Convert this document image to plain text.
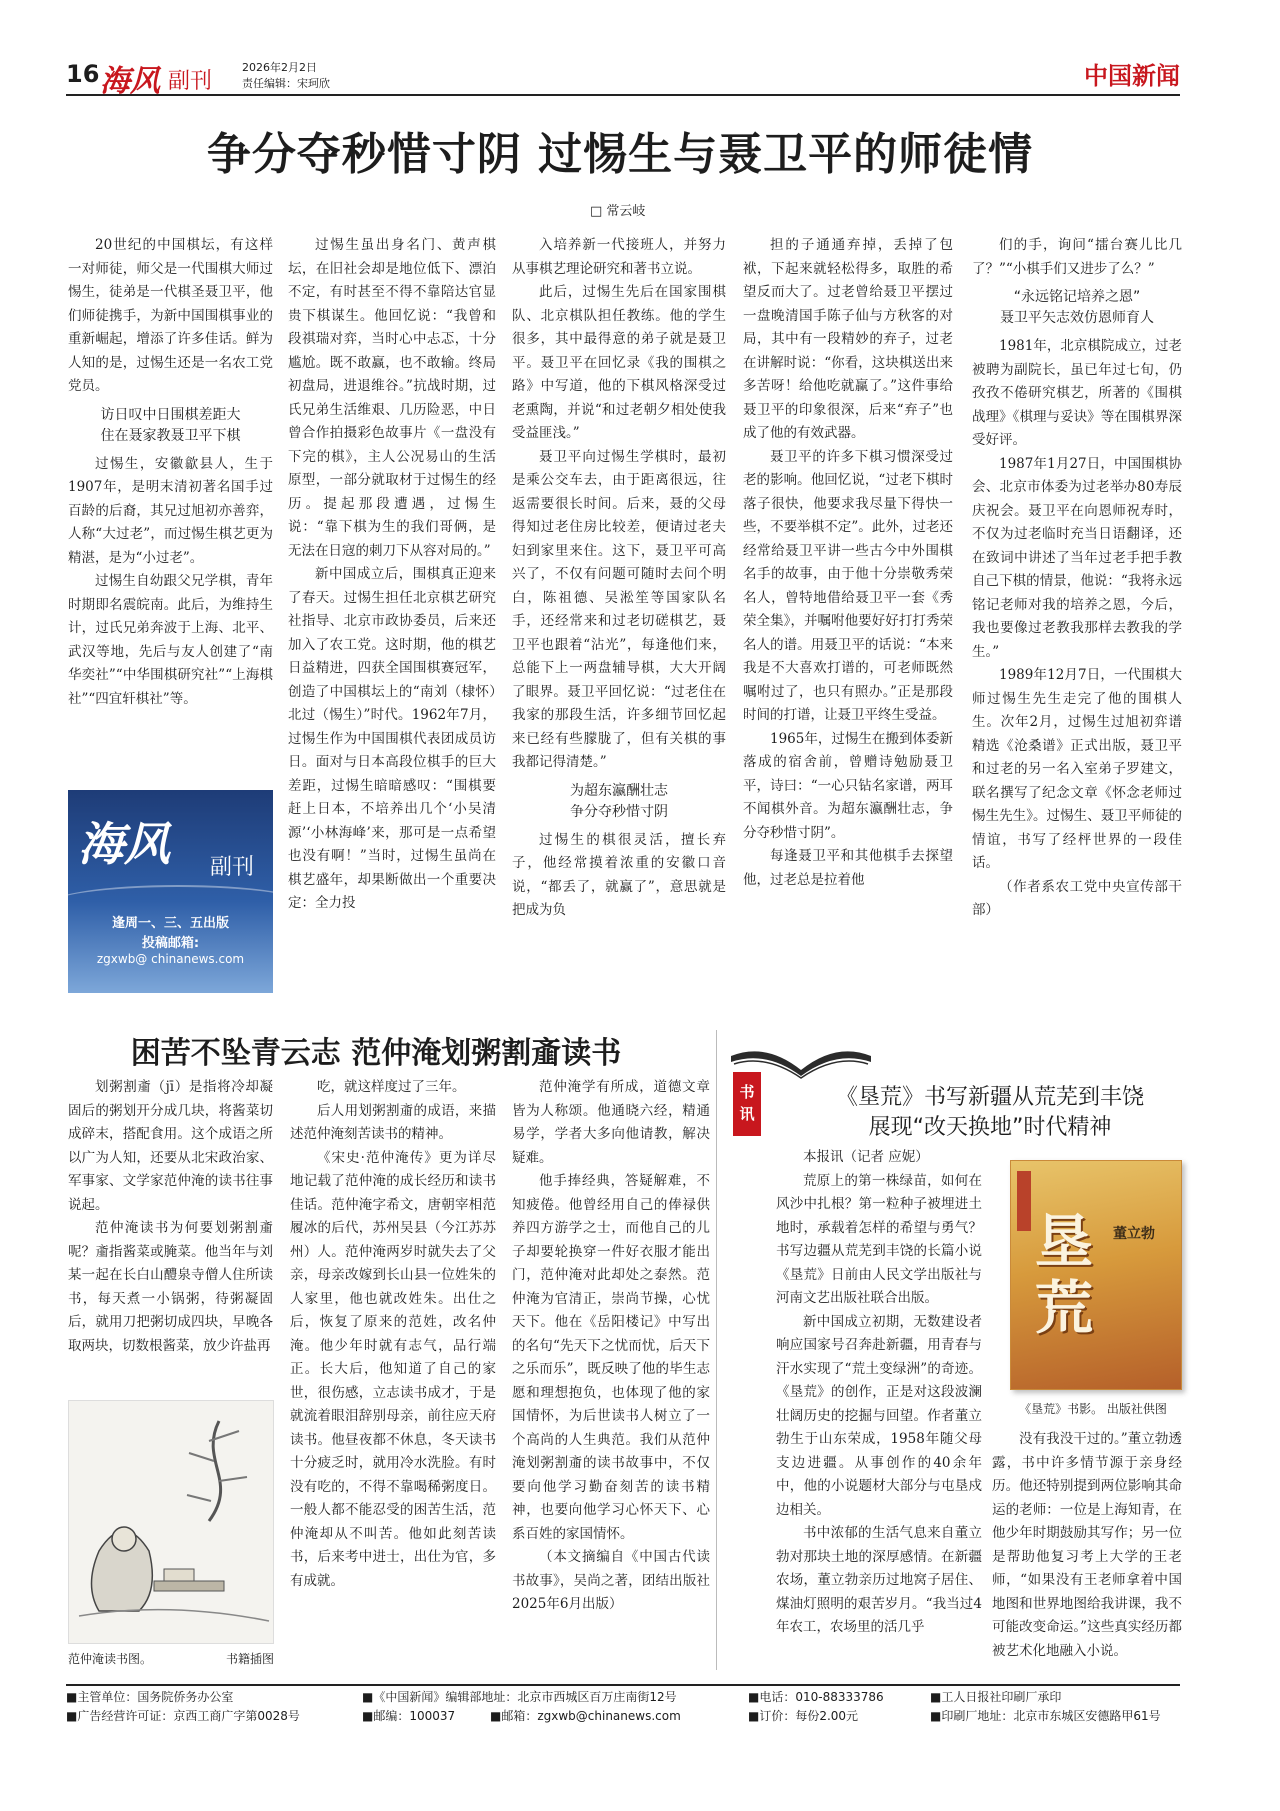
16 海风 副刊
2026年2月2日
责任编辑：宋珂欣	中国新闻
争分夺秒惜寸阴 过惕生与聂卫平的师徒情
□ 常云岐

20世纪的中国棋坛，有这样一对师徒，师父是一代围棋大师过惕生，徒弟是一代棋圣聂卫平，他们师徒携手，为新中国围棋事业的重新崛起，增添了许多佳话。鲜为人知的是，过惕生还是一名农工党党员。

访日叹中日围棋差距大
住在聂家教聂卫平下棋

过惕生，安徽歙县人，生于1907年，是明末清初著名国手过百龄的后裔，其兄过旭初亦善弈，人称“大过老”，而过惕生棋艺更为精湛，是为“小过老”。

过惕生自幼跟父兄学棋，青年时期即名震皖南。此后，为维持生计，过氏兄弟奔波于上海、北平、武汉等地，先后与友人创建了“南华奕社”“中华围棋研究社”“上海棋社”“四宜轩棋社”等。

过惕生虽出身名门、黄声棋坛，在旧社会却是地位低下、漂泊不定，有时甚至不得不靠陪达官显贵下棋谋生。他回忆说：“我曾和段祺瑞对弈，当时心中忐忑，十分尴尬。既不敢赢，也不敢输。终局初盘局，进退维谷。”抗战时期，过氏兄弟生活维艰、几历险恶，中日曾合作拍摄彩色故事片《一盘没有下完的棋》，主人公况易山的生活原型，一部分就取材于过惕生的经历。提起那段遭遇，过惕生说：“靠下棋为生的我们哥俩，是无法在日寇的刺刀下从容对局的。”

新中国成立后，围棋真正迎来了春天。过惕生担任北京棋艺研究社指导、北京市政协委员，后来还加入了农工党。这时期，他的棋艺日益精进，四获全国围棋赛冠军，创造了中国棋坛上的“南刘（棣怀）北过（惕生）”时代。1962年7月，过惕生作为中国围棋代表团成员访日。面对与日本高段位棋手的巨大差距，过惕生暗暗感叹：“围棋要赶上日本，不培养出几个‘小吴清源’‘小林海峰’来，那可是一点希望也没有啊！”当时，过惕生虽尚在棋艺盛年，却果断做出一个重要决定：全力投

入培养新一代接班人，并努力从事棋艺理论研究和著书立说。

此后，过惕生先后在国家围棋队、北京棋队担任教练。他的学生很多，其中最得意的弟子就是聂卫平。聂卫平在回忆录《我的围棋之路》中写道，他的下棋风格深受过老熏陶，并说“和过老朝夕相处使我受益匪浅。”

聂卫平向过惕生学棋时，最初是乘公交车去，由于距离很远，往返需要很长时间。后来，聂的父母得知过老住房比较差，便请过老夫妇到家里来住。这下，聂卫平可高兴了，不仅有问题可随时去问个明白，陈祖德、吴淞笙等国家队名手，还经常来和过老切磋棋艺，聂卫平也跟着“沾光”，每逢他们来，总能下上一两盘辅导棋，大大开阔了眼界。聂卫平回忆说：“过老住在我家的那段生活，许多细节回忆起来已经有些朦胧了，但有关棋的事我都记得清楚。”

为超东瀛酬壮志
争分夺秒惜寸阴

过惕生的棋很灵活，擅长弃子，他经常摸着浓重的安徽口音说，“都丢了，就赢了”，意思就是把成为负

担的子通通弃掉，丢掉了包袱，下起来就轻松得多，取胜的希望反而大了。过老曾给聂卫平摆过一盘晚清国手陈子仙与方秋客的对局，其中有一段精妙的弃子，过老在讲解时说：“你看，这块棋送出来多苦呀！给他吃就赢了。”这件事给聂卫平的印象很深，后来“弃子”也成了他的有效武器。

聂卫平的许多下棋习惯深受过老的影响。他回忆说，“过老下棋时落子很快，他要求我尽量下得快一些，不要举棋不定”。此外，过老还经常给聂卫平讲一些古今中外围棋名手的故事，由于他十分崇敬秀荣名人，曾特地借给聂卫平一套《秀荣全集》，并嘱咐他要好好打打秀荣名人的谱。用聂卫平的话说：“本来我是不大喜欢打谱的，可老师既然嘱咐过了，也只有照办。”正是那段时间的打谱，让聂卫平终生受益。

1965年，过惕生在搬到体委新落成的宿舍前，曾赠诗勉励聂卫平，诗曰：“一心只钻名家谱，两耳不闻棋外音。为超东瀛酬壮志，争分夺秒惜寸阴”。

每逢聂卫平和其他棋手去探望他，过老总是拉着他

们的手，询问“擂台赛儿比几了？”“小棋手们又进步了么？”

“永远铭记培养之恩”
聂卫平矢志效仿恩师育人

1981年，北京棋院成立，过老被聘为副院长，虽已年过七旬，仍孜孜不倦研究棋艺，所著的《围棋战理》《棋理与妥诀》等在围棋界深受好评。

1987年1月27日，中国围棋协会、北京市体委为过老举办80寿辰庆祝会。聂卫平在向恩师祝寿时，不仅为过老临时充当日语翻译，还在致词中讲述了当年过老手把手教自己下棋的情景，他说：“我将永远铭记老师对我的培养之恩，今后，我也要像过老教我那样去教我的学生。”

1989年12月7日，一代围棋大师过惕生先生走完了他的围棋人生。次年2月，过惕生过旭初弈谱精选《沧桑谱》正式出版，聂卫平和过老的另一名入室弟子罗建文，联名撰写了纪念文章《怀念老师过惕生先生》。过惕生、聂卫平师徒的情谊，书写了经枰世界的一段佳话。

（作者系农工党中央宣传部干部）

海风 副刊
逢周一、三、五出版
投稿邮箱:
zgxwb@ chinanews.com
困苦不坠青云志 范仲淹划粥割齑读书

划粥割齑（jī）是指将冷却凝固后的粥划开分成几块，将酱菜切成碎末，搭配食用。这个成语之所以广为人知，还要从北宋政治家、军事家、文学家范仲淹的读书往事说起。

范仲淹读书为何要划粥割齑呢？齑指酱菜或腌菜。他当年与刘某一起在长白山醴泉寺僧人住所读书，每天煮一小锅粥，待粥凝固后，就用刀把粥切成四块，早晚各取两块，切数根酱菜，放少许盐再

吃，就这样度过了三年。

后人用划粥割齑的成语，来描述范仲淹刻苦读书的精神。

《宋史·范仲淹传》更为详尽地记载了范仲淹的成长经历和读书佳话。范仲淹字希文，唐朝宰相范履冰的后代，苏州吴县（今江苏苏州）人。范仲淹两岁时就失去了父亲，母亲改嫁到长山县一位姓朱的人家里，他也就改姓朱。出仕之后，恢复了原来的范姓，改名仲淹。他少年时就有志气，品行端正。长大后，他知道了自己的家世，很伤感，立志读书成才，于是就流着眼泪辞别母亲，前往应天府读书。他昼夜都不休息，冬天读书十分疲乏时，就用冷水洗脸。有时没有吃的，不得不靠喝稀粥度日。一般人都不能忍受的困苦生活，范仲淹却从不叫苦。他如此刻苦读书，后来考中进士，出仕为官，多有成就。

范仲淹学有所成，道德文章皆为人称颂。他通晓六经，精通易学，学者大多向他请教，解决疑难。

他手捧经典，答疑解难，不知疲倦。他曾经用自己的俸禄供养四方游学之士，而他自己的儿子却要轮换穿一件好衣服才能出门，范仲淹对此却处之泰然。范仲淹为官清正，崇尚节操，心忧天下。他在《岳阳楼记》中写出的名句“先天下之忧而忧，后天下之乐而乐”，既反映了他的毕生志愿和理想抱负，也体现了他的家国情怀，为后世读书人树立了一个高尚的人生典范。我们从范仲淹划粥割齑的读书故事中，不仅要向他学习勤奋刻苦的读书精神，也要向他学习心怀天下、心系百姓的家国情怀。

（本文摘编自《中国古代读书故事》，吴尚之著，团结出版社2025年6月出版）

范仲淹读书图。	书籍插图
书讯
《垦荒》书写新疆从荒芜到丰饶
展现“改天换地”时代精神

本报讯（记者 应妮）

荒原上的第一株绿苗，如何在风沙中扎根？第一粒种子被埋进土地时，承载着怎样的希望与勇气？书写边疆从荒芜到丰饶的长篇小说《垦荒》日前由人民文学出版社与河南文艺出版社联合出版。

新中国成立初期，无数建设者响应国家号召奔赴新疆，用青春与汗水实现了“荒土变绿洲”的奇迹。《垦荒》的创作，正是对这段波澜壮阔历史的挖掘与回望。作者董立勃生于山东荣成，1958年随父母支边进疆。从事创作的40余年中，他的小说题材大部分与屯垦戍边相关。

书中浓郁的生活气息来自董立勃对那块土地的深厚感情。在新疆农场，董立勃亲历过地窝子居住、煤油灯照明的艰苦岁月。“我当过4年农工，农场里的活几乎

没有我没干过的。”董立勃透露，书中许多情节源于亲身经历。他还特别提到两位影响其命运的老师：一位是上海知青，在他少年时期鼓励其写作；另一位是帮助他复习考上大学的王老师，“如果没有王老师拿着中国地图和世界地图给我讲课，我不可能改变命运。”这些真实经历都被艺术化地融入小说。

垦荒
董立勃
《垦荒》书影。 出版社供图
■主管单位：国务院侨务办公室	■《中国新闻》编辑部地址：北京市西城区百万庄南街12号	■电话：010-88333786	■工人日报社印刷厂承印
■广告经营许可证：京西工商广字第0028号	■邮编：100037	■邮箱：zgxwb@chinanews.com	■订价：每份2.00元	■印刷厂地址：北京市东城区安德路甲61号
